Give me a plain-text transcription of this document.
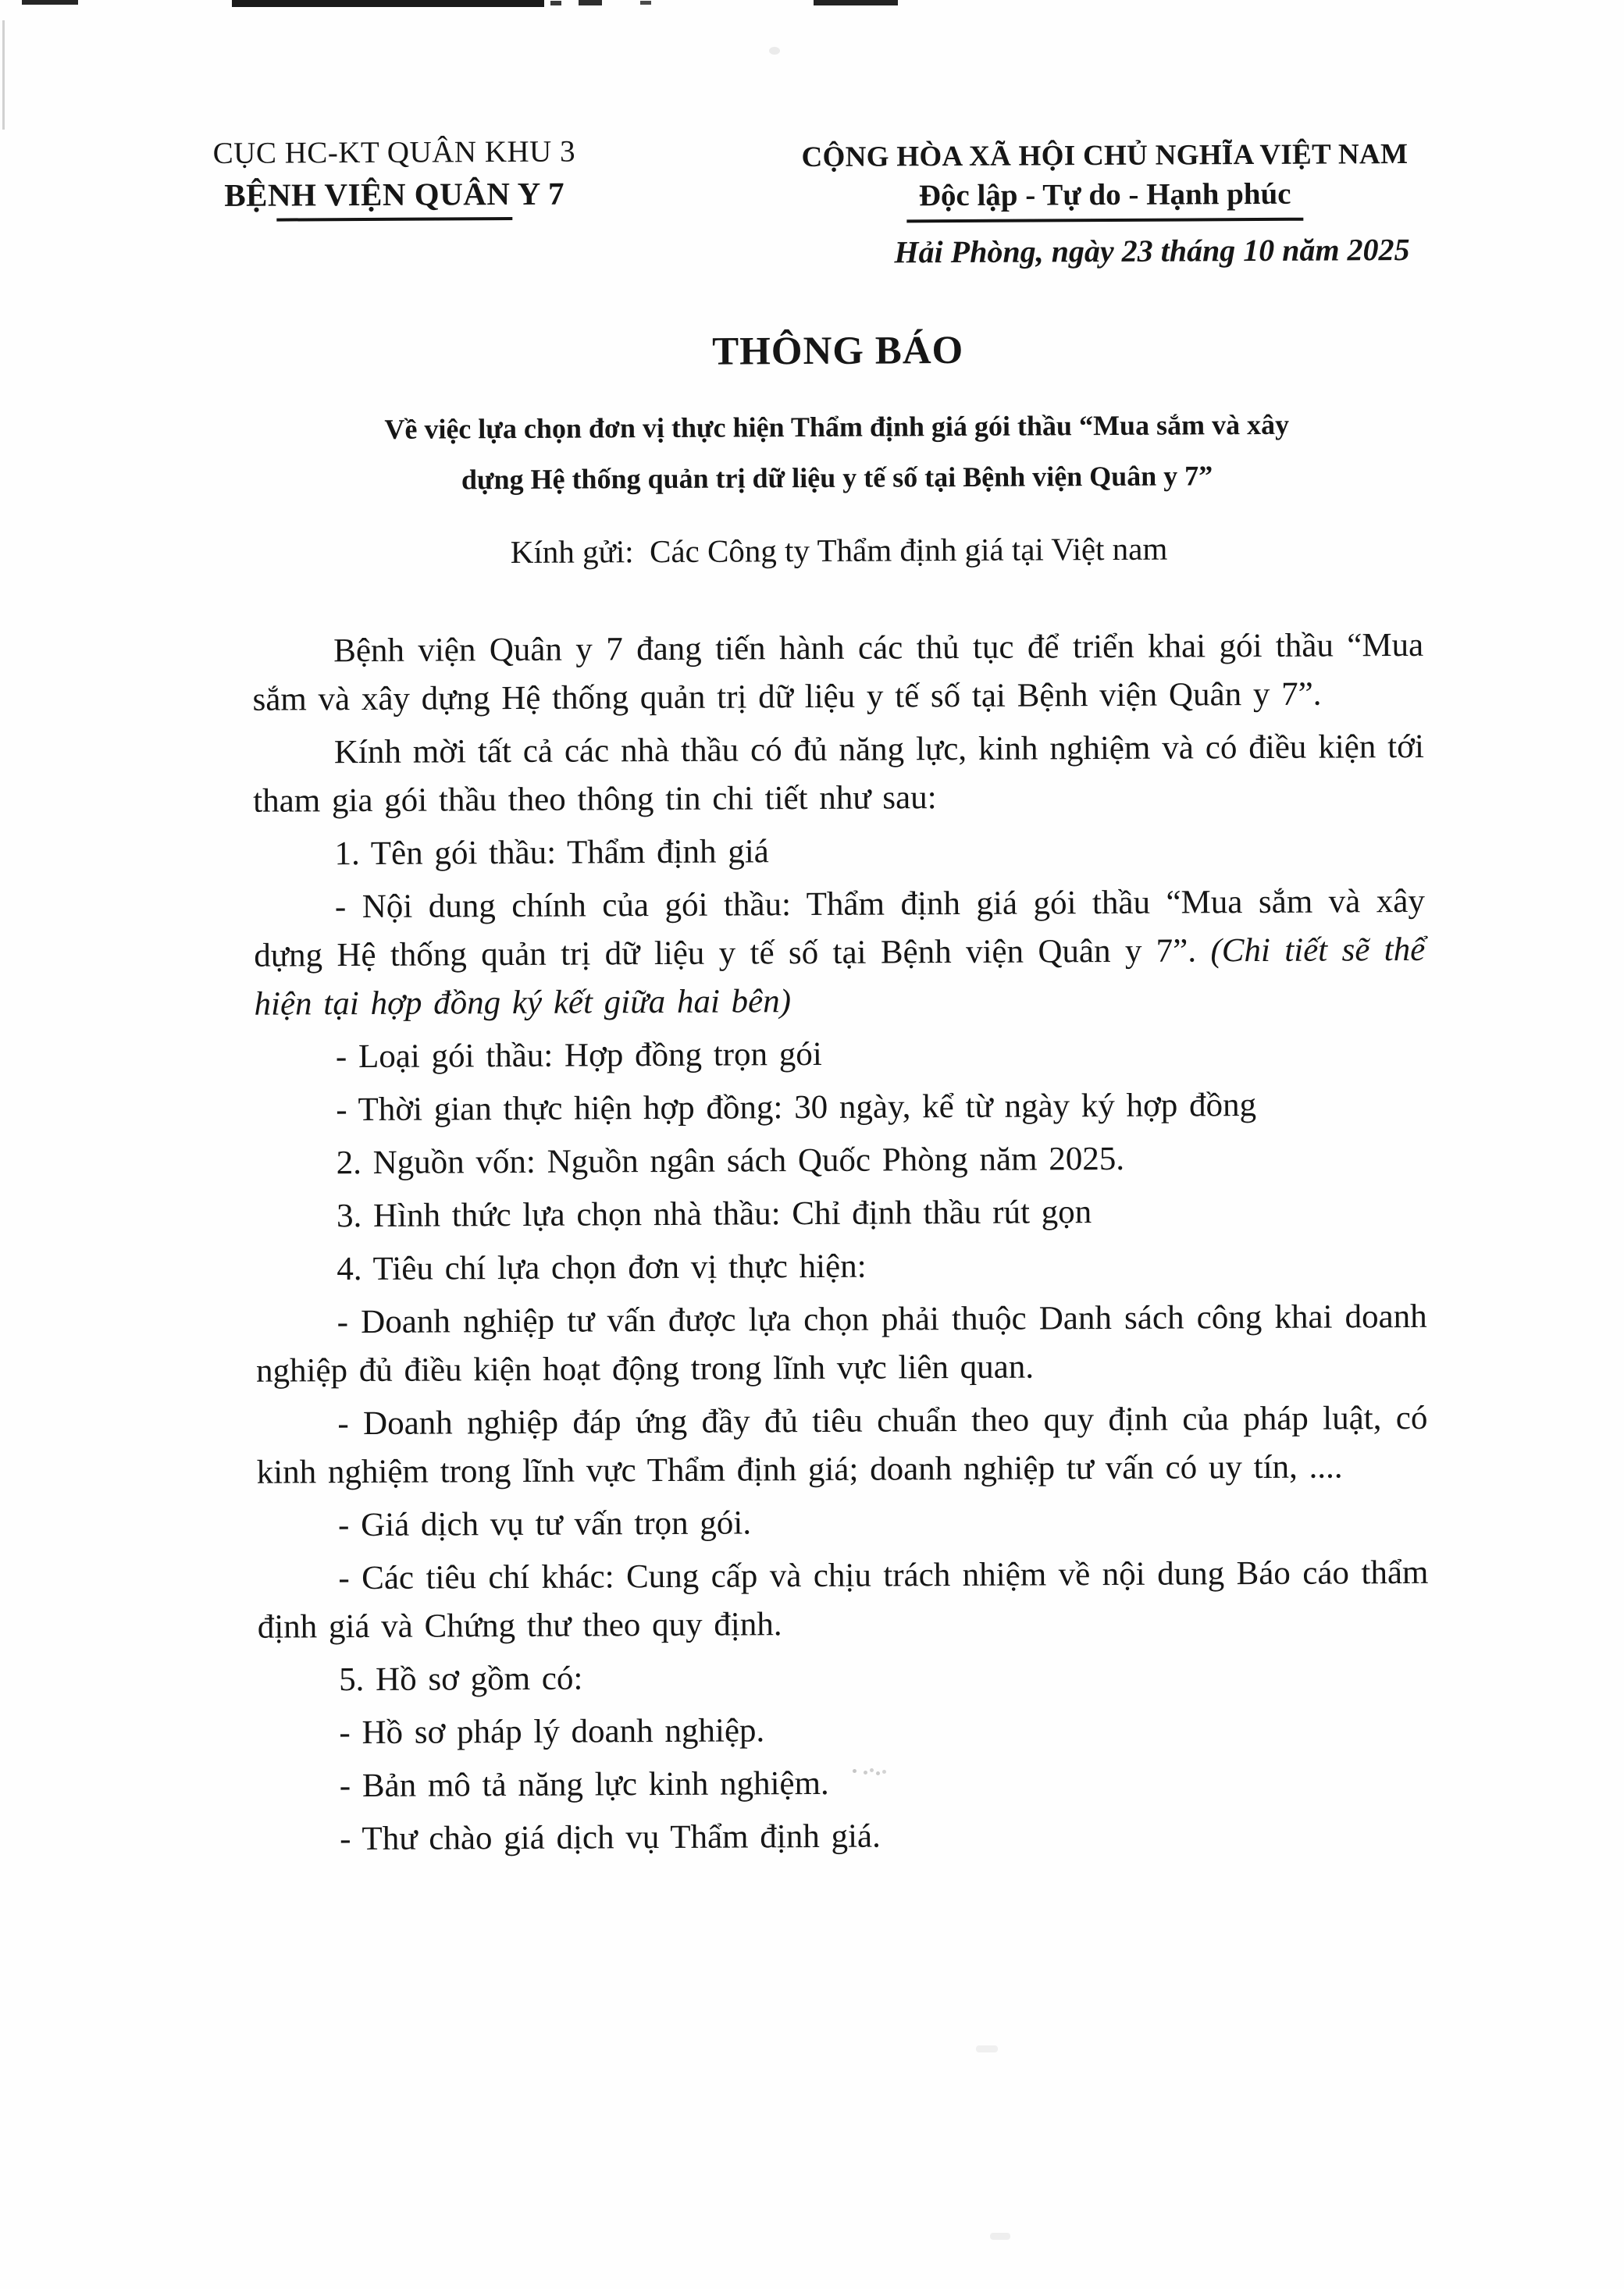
CỤC HC-KT QUÂN KHU 3
BỆNH VIỆN QUÂN Y 7
CỘNG HÒA XÃ HỘI CHỦ NGHĨA VIỆT NAM
Độc lập - Tự do - Hạnh phúc
Hải Phòng, ngày 23 tháng 10 năm 2025
THÔNG BÁO
Về việc lựa chọn đơn vị thực hiện Thẩm định giá gói thầu “Mua sắm và xây
dựng Hệ thống quản trị dữ liệu y tế số tại Bệnh viện Quân y 7”
Kính gửi:  Các Công ty Thẩm định giá tại Việt nam

Bệnh viện Quân y 7 đang tiến hành các thủ tục để triển khai gói thầu “Mua sắm và xây dựng Hệ thống quản trị dữ liệu y tế số tại Bệnh viện Quân y 7”.

Kính mời tất cả các nhà thầu có đủ năng lực, kinh nghiệm và có điều kiện tới tham gia gói thầu theo thông tin chi tiết như sau:

1. Tên gói thầu: Thẩm định giá

- Nội dung chính của gói thầu: Thẩm định giá gói thầu “Mua sắm và xây dựng Hệ thống quản trị dữ liệu y tế số tại Bệnh viện Quân y 7”. (Chi tiết sẽ thể hiện tại hợp đồng ký kết giữa hai bên)

- Loại gói thầu: Hợp đồng trọn gói

- Thời gian thực hiện hợp đồng: 30 ngày, kể từ ngày ký hợp đồng

2. Nguồn vốn: Nguồn ngân sách Quốc Phòng năm 2025.

3. Hình thức lựa chọn nhà thầu: Chỉ định thầu rút gọn

4. Tiêu chí lựa chọn đơn vị thực hiện:

- Doanh nghiệp tư vấn được lựa chọn phải thuộc Danh sách công khai doanh nghiệp đủ điều kiện hoạt động trong lĩnh vực liên quan.

- Doanh nghiệp đáp ứng đầy đủ tiêu chuẩn theo quy định của pháp luật, có kinh nghiệm trong lĩnh vực Thẩm định giá; doanh nghiệp tư vấn có uy tín, ....

- Giá dịch vụ tư vấn trọn gói.

- Các tiêu chí khác: Cung cấp và chịu trách nhiệm về nội dung Báo cáo thẩm định giá và Chứng thư theo quy định.

5. Hồ sơ gồm có:

- Hồ sơ pháp lý doanh nghiệp.

- Bản mô tả năng lực kinh nghiệm.

- Thư chào giá dịch vụ Thẩm định giá.
